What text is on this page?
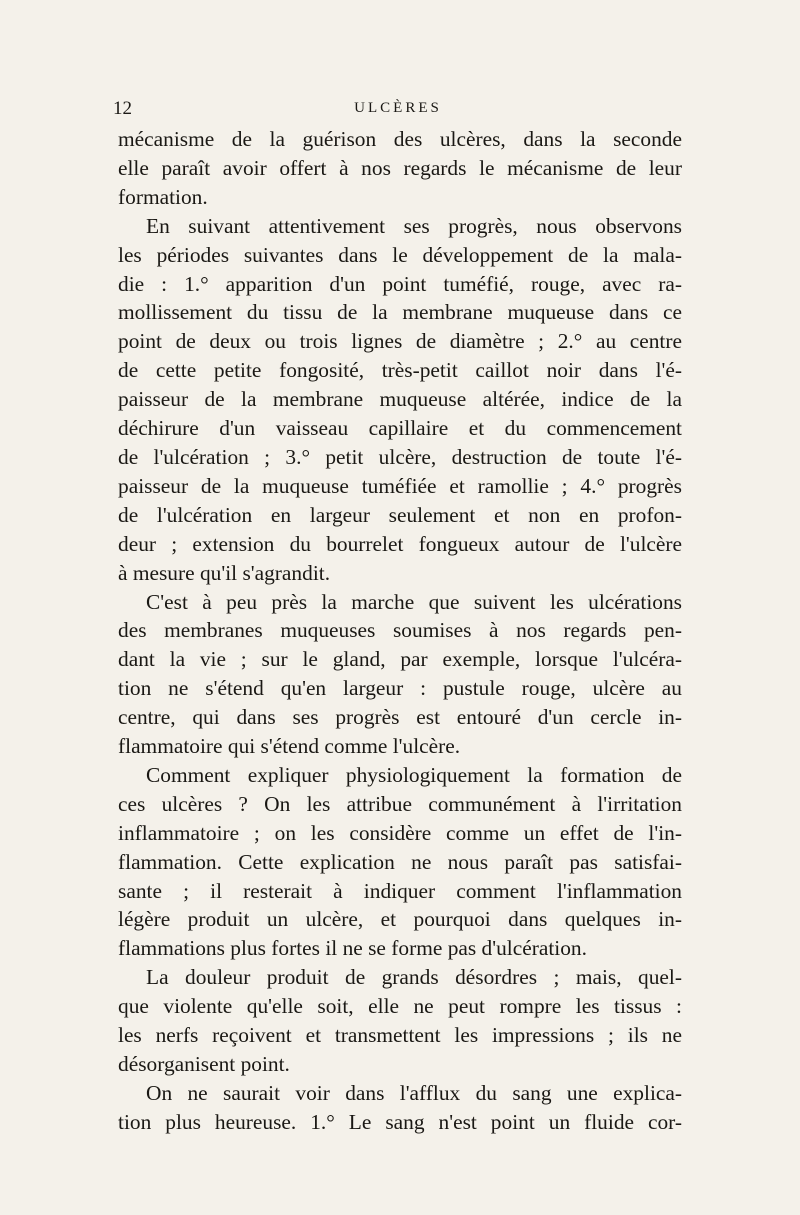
12	ULCÈRES
mécanisme de la guérison des ulcères, dans la seconde
elle paraît avoir offert à nos regards le mécanisme de leur
formation.
En suivant attentivement ses progrès, nous observons
les périodes suivantes dans le développement de la mala-
die : 1.° apparition d'un point tuméfié, rouge, avec ra-
mollissement du tissu de la membrane muqueuse dans ce
point de deux ou trois lignes de diamètre ; 2.° au centre
de cette petite fongosité, très-petit caillot noir dans l'é-
paisseur de la membrane muqueuse altérée, indice de la
déchirure d'un vaisseau capillaire et du commencement
de l'ulcération ; 3.° petit ulcère, destruction de toute l'é-
paisseur de la muqueuse tuméfiée et ramollie ; 4.° progrès
de l'ulcération en largeur seulement et non en profon-
deur ; extension du bourrelet fongueux autour de l'ulcère
à mesure qu'il s'agrandit.
C'est à peu près la marche que suivent les ulcérations
des membranes muqueuses soumises à nos regards pen-
dant la vie ; sur le gland, par exemple, lorsque l'ulcéra-
tion ne s'étend qu'en largeur : pustule rouge, ulcère au
centre, qui dans ses progrès est entouré d'un cercle in-
flammatoire qui s'étend comme l'ulcère.
Comment expliquer physiologiquement la formation de
ces ulcères ? On les attribue communément à l'irritation
inflammatoire ; on les considère comme un effet de l'in-
flammation. Cette explication ne nous paraît pas satisfai-
sante ; il resterait à indiquer comment l'inflammation
légère produit un ulcère, et pourquoi dans quelques in-
flammations plus fortes il ne se forme pas d'ulcération.
La douleur produit de grands désordres ; mais, quel-
que violente qu'elle soit, elle ne peut rompre les tissus :
les nerfs reçoivent et transmettent les impressions ; ils ne
désorganisent point.
On ne saurait voir dans l'afflux du sang une explica-
tion plus heureuse. 1.° Le sang n'est point un fluide cor-
